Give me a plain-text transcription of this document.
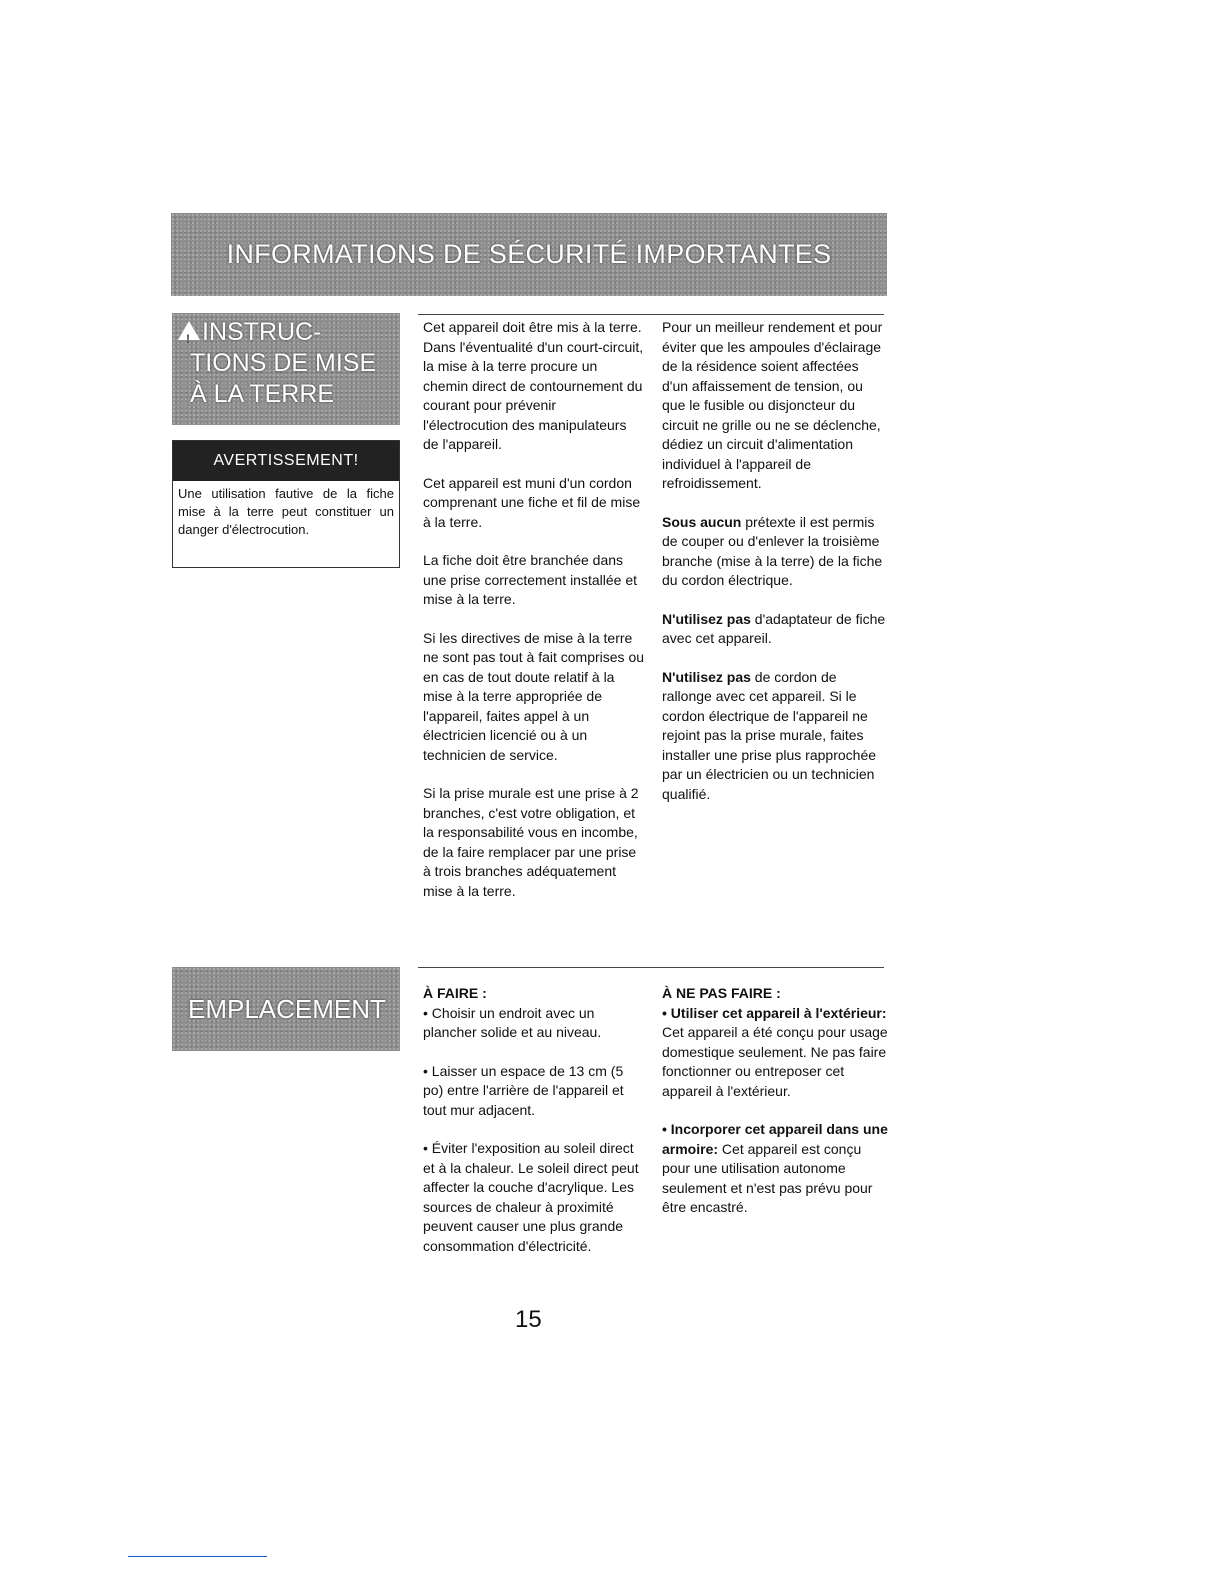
INFORMATIONS DE SÉCURITÉ IMPORTANTES
! INSTRUC-
TIONS DE MISE
À LA TERRE
AVERTISSEMENT!
Une utilisation fautive de la fiche mise à la terre peut constituer un danger d'électrocution.

Cet appareil doit être mis à la terre. Dans l'éventualité d'un court-circuit, la mise à la terre procure un chemin direct de contournement du courant pour prévenir l'électrocution des manipulateurs de l'appareil.

Cet appareil est muni d'un cordon comprenant une fiche et fil de mise à la terre.

La fiche doit être branchée dans une prise correctement installée et mise à la terre.

Si les directives de mise à la terre ne sont pas tout à fait comprises ou en cas de tout doute relatif à la mise à la terre appropriée de l'appareil, faites appel à un électricien licencié ou à un technicien de service.

Si la prise murale est une prise à 2 branches, c'est votre obligation, et la responsabilité vous en incombe, de la faire remplacer par une prise à trois branches adéquatement mise à la terre.

Pour un meilleur rendement et pour éviter que les ampoules d'éclairage de la résidence soient affectées d'un affaissement de tension, ou que le fusible ou disjoncteur du circuit ne grille ou ne se déclenche, dédiez un circuit d'alimentation individuel à l'appareil de refroidissement.

Sous aucun prétexte il est permis de couper ou d'enlever la troisième branche (mise à la terre) de la fiche du cordon électrique.

N'utilisez pas d'adaptateur de fiche avec cet appareil.

N'utilisez pas de cordon de rallonge avec cet appareil. Si le cordon électrique de l'appareil ne rejoint pas la prise murale, faites installer une prise plus rapprochée par un électricien ou un technicien qualifié.

EMPLACEMENT

À FAIRE :

• Choisir un endroit avec un plancher solide et au niveau.

• Laisser un espace de 13 cm (5 po) entre l'arrière de l'appareil et tout mur adjacent.

• Éviter l'exposition au soleil direct et à la chaleur. Le soleil direct peut affecter la couche d'acrylique. Les sources de chaleur à proximité peuvent causer une plus grande consommation d'électricité.

À NE PAS FAIRE :

• Utiliser cet appareil à l'extérieur: Cet appareil a été conçu pour usage domestique seulement. Ne pas faire fonctionner ou entreposer cet appareil à l'extérieur.

• Incorporer cet appareil dans une armoire: Cet appareil est conçu pour une utilisation autonome seulement et n'est pas prévu pour être encastré.

15
